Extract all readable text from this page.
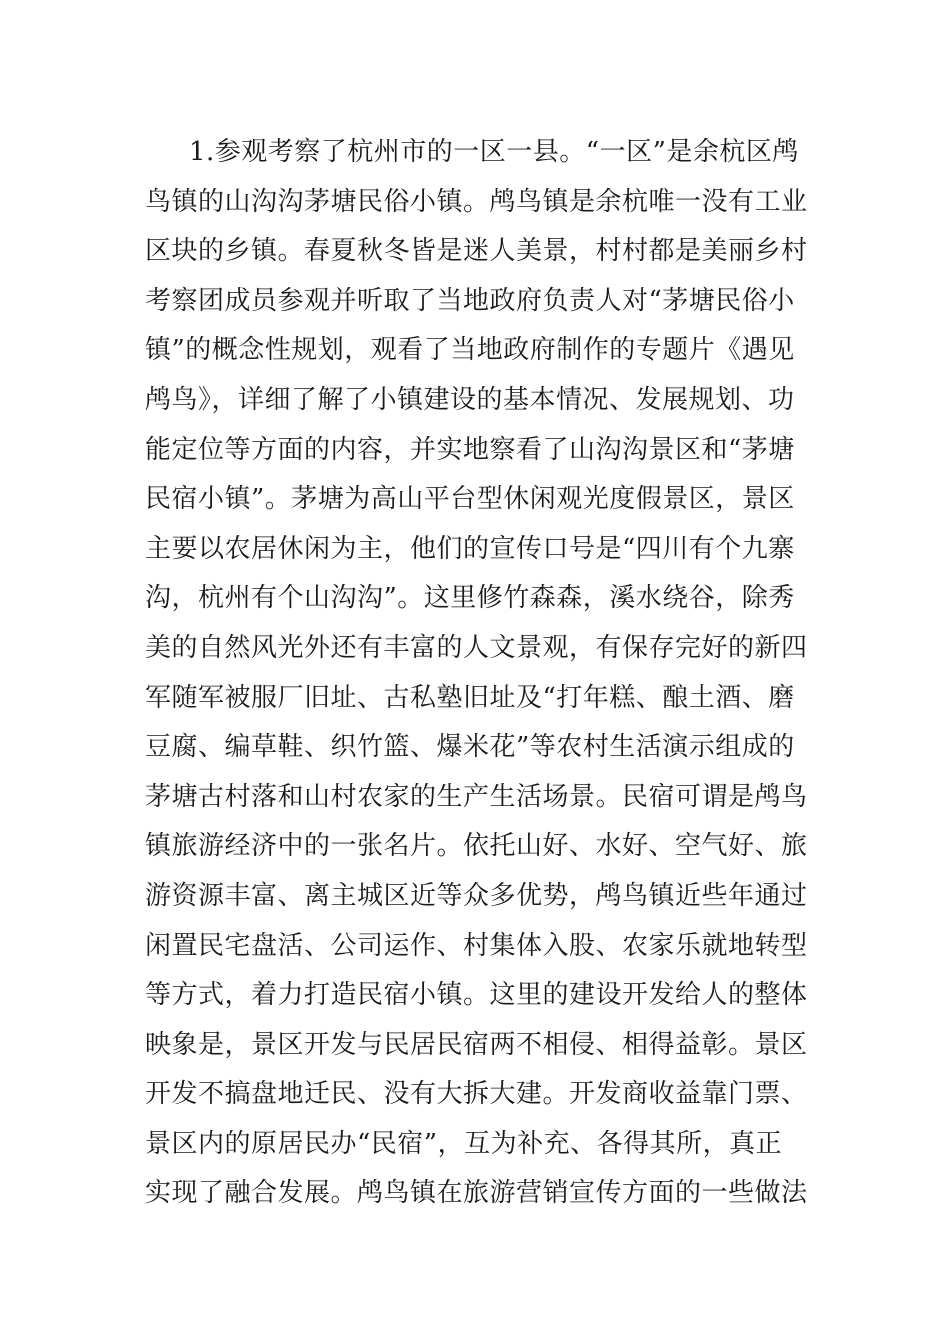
1.参观考察了杭州市的一区一县。“一区”是余杭区鸬
鸟镇的山沟沟茅塘民俗小镇。鸬鸟镇是余杭唯一没有工业
区块的乡镇。春夏秋冬皆是迷人美景，村村都是美丽乡村
考察团成员参观并听取了当地政府负责人对“茅塘民俗小
镇”的概念性规划，观看了当地政府制作的专题片《遇见
鸬鸟》，详细了解了小镇建设的基本情况、发展规划、功
能定位等方面的内容，并实地察看了山沟沟景区和“茅塘
民宿小镇”。茅塘为高山平台型休闲观光度假景区，景区
主要以农居休闲为主，他们的宣传口号是“四川有个九寨
沟，杭州有个山沟沟”。这里修竹森森，溪水绕谷，除秀
美的自然风光外还有丰富的人文景观，有保存完好的新四
军随军被服厂旧址、古私塾旧址及“打年糕、酿土酒、磨
豆腐、编草鞋、织竹篮、爆米花”等农村生活演示组成的
茅塘古村落和山村农家的生产生活场景。民宿可谓是鸬鸟
镇旅游经济中的一张名片。依托山好、水好、空气好、旅
游资源丰富、离主城区近等众多优势，鸬鸟镇近些年通过
闲置民宅盘活、公司运作、村集体入股、农家乐就地转型
等方式，着力打造民宿小镇。这里的建设开发给人的整体
映象是，景区开发与民居民宿两不相侵、相得益彰。景区
开发不搞盘地迁民、没有大拆大建。开发商收益靠门票、
景区内的原居民办“民宿”，互为补充、各得其所，真正
实现了融合发展。鸬鸟镇在旅游营销宣传方面的一些做法
